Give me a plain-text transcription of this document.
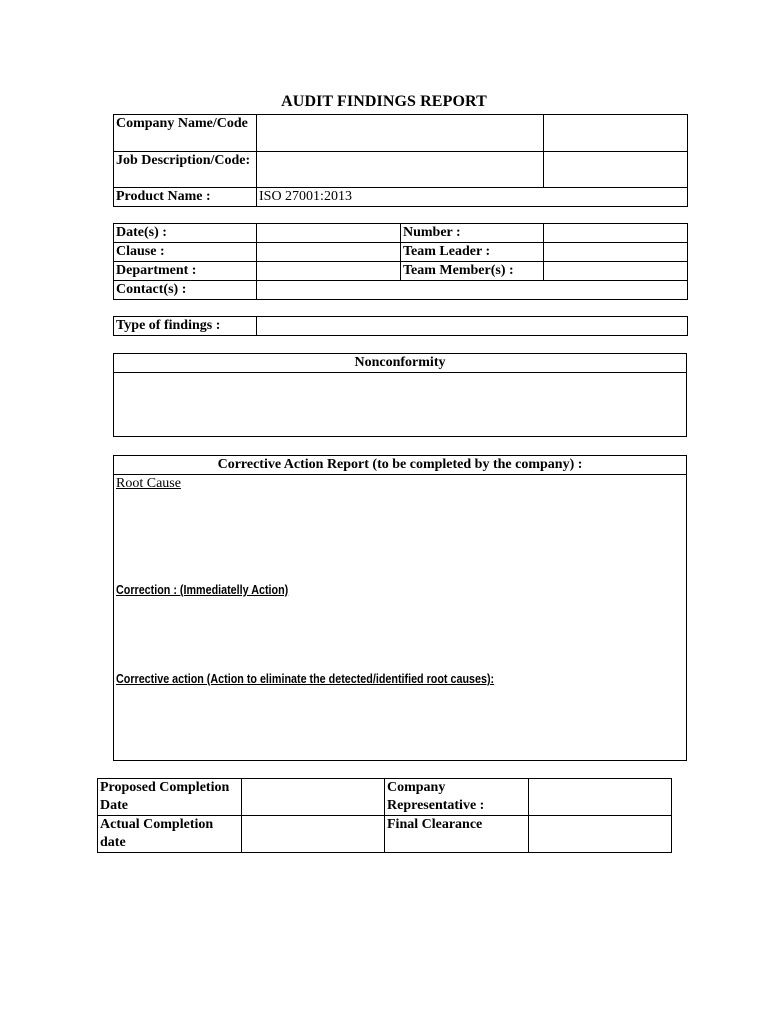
AUDIT FINDINGS REPORT
Company Name/Code		
Job Description/Code:		
Product Name :	ISO 27001:2013	
Date(s) :		Number :	
Clause :		Team Leader :	
Department :		Team Member(s) :	
Contact(s) :			
Type of findings :	
Nonconformity
Corrective Action Report (to be completed by the company) :
Root Cause
Correction : (Immediatelly Action)
Corrective action (Action to eliminate the detected/identified root causes):
Proposed Completion Date		Company Representative :	
Actual Completion date		Final Clearance	
